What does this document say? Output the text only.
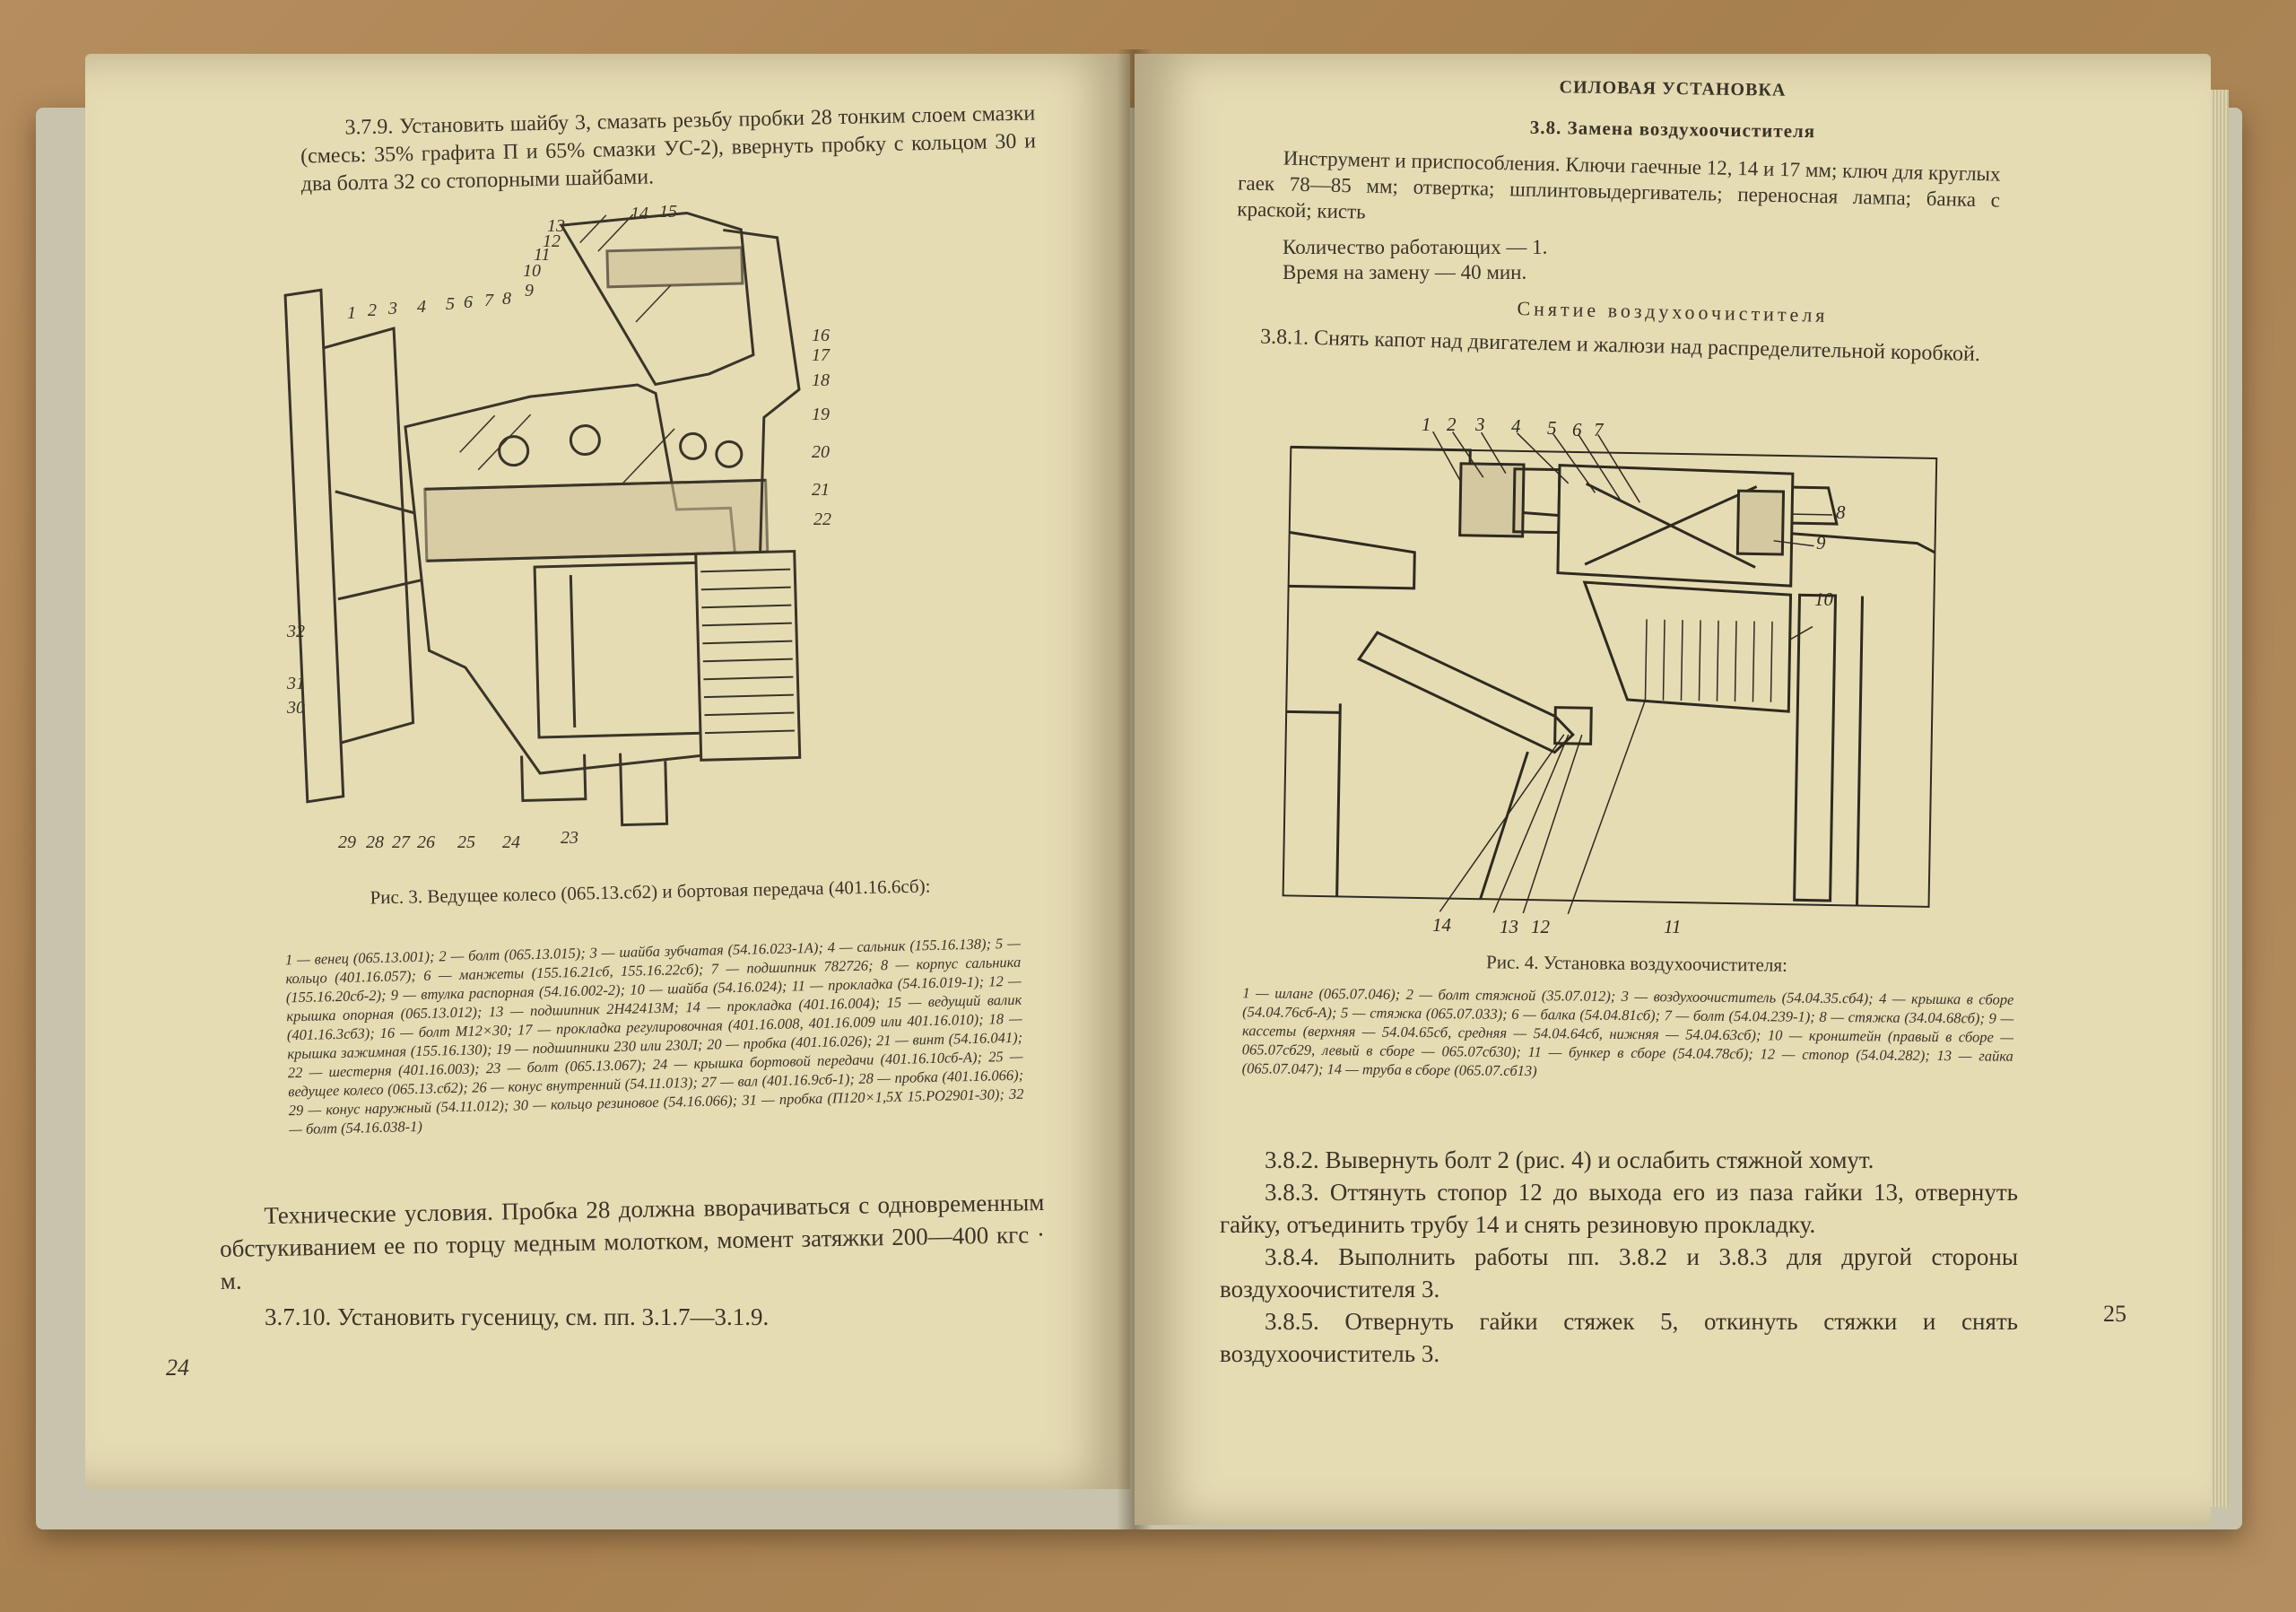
3.7.9. Установить шайбу 3, смазать резьбу пробки 28 тонким слоем смазки (смесь: 35% графита П и 65% смазки УС-2), ввернуть пробку с кольцом 30 и два болта 32 со стопорными шайбами.

1 2 3 4 5 6 7 8 9
10
11
12
13
14 15
16
17
18
19
20
21
22
23
24
25
26
27
28
29
30
31
32

Рис. 3. Ведущее колесо (065.13.сб2) и бортовая передача (401.16.6сб):

1 — венец (065.13.001); 2 — болт (065.13.015); 3 — шайба зубчатая (54.16.023-1А); 4 — сальник (155.16.138); 5 — кольцо (401.16.057); 6 — манжеты (155.16.21сб, 155.16.22сб); 7 — подшипник 782726; 8 — корпус сальника (155.16.20сб-2); 9 — втулка распорная (54.16.002-2); 10 — шайба (54.16.024); 11 — прокладка (54.16.019-1); 12 — крышка опорная (065.13.012); 13 — подшипник 2Н42413М; 14 — прокладка (401.16.004); 15 — ведущий валик (401.16.3сб3); 16 — болт М12×30; 17 — прокладка регулировочная (401.16.008, 401.16.009 или 401.16.010); 18 — крышка зажимная (155.16.130); 19 — подшипники 230 или 230Л; 20 — пробка (401.16.026); 21 — винт (54.16.041); 22 — шестерня (401.16.003); 23 — болт (065.13.067); 24 — крышка бортовой передачи (401.16.10сб-А); 25 — ведущее колесо (065.13.сб2); 26 — конус внутренний (54.11.013); 27 — вал (401.16.9сб-1); 28 — пробка (401.16.066); 29 — конус наружный (54.11.012); 30 — кольцо резиновое (54.16.066); 31 — пробка (П120×1,5Х 15.РО2901-30); 32 — болт (54.16.038-1)

Технические условия. Пробка 28 должна вворачиваться с одновременным обстукиванием ее по торцу медным молотком, момент затяжки 200—400 кгс · м.

3.7.10. Установить гусеницу, см. пп. 3.1.7—3.1.9.

24
СИЛОВАЯ УСТАНОВКА
3.8. Замена воздухоочистителя

Инструмент и приспособления. Ключи гаечные 12, 14 и 17 мм; ключ для круглых гаек 78—85 мм; отвертка; шплинтовыдергиватель; переносная лампа; банка с краской; кисть

Количество работающих — 1.

Время на замену — 40 мин.

Снятие воздухоочистителя

3.8.1. Снять капот над двигателем и жалюзи над распределительной коробкой.

1 2 3 4 5 6 7
8
9
10
11
12
13
14

Рис. 4. Установка воздухоочистителя:

1 — шланг (065.07.046); 2 — болт стяжной (35.07.012); 3 — воздухоочиститель (54.04.35.сб4); 4 — крышка в сборе (54.04.76сб-А); 5 — стяжка (065.07.033); 6 — балка (54.04.81сб); 7 — болт (54.04.239-1); 8 — стяжка (34.04.68сб); 9 — кассеты (верхняя — 54.04.65сб, средняя — 54.04.64сб, нижняя — 54.04.63сб); 10 — кронштейн (правый в сборе — 065.07сб29, левый в сборе — 065.07сб30); 11 — бункер в сборе (54.04.78сб); 12 — стопор (54.04.282); 13 — гайка (065.07.047); 14 — труба в сборе (065.07.сб13)

3.8.2. Вывернуть болт 2 (рис. 4) и ослабить стяжной хомут.

3.8.3. Оттянуть стопор 12 до выхода его из паза гайки 13, отвернуть гайку, отъединить трубу 14 и снять резиновую прокладку.

3.8.4. Выполнить работы пп. 3.8.2 и 3.8.3 для другой стороны воздухоочистителя 3.

3.8.5. Отвернуть гайки стяжек 5, откинуть стяжки и снять воздухоочиститель 3.

25
